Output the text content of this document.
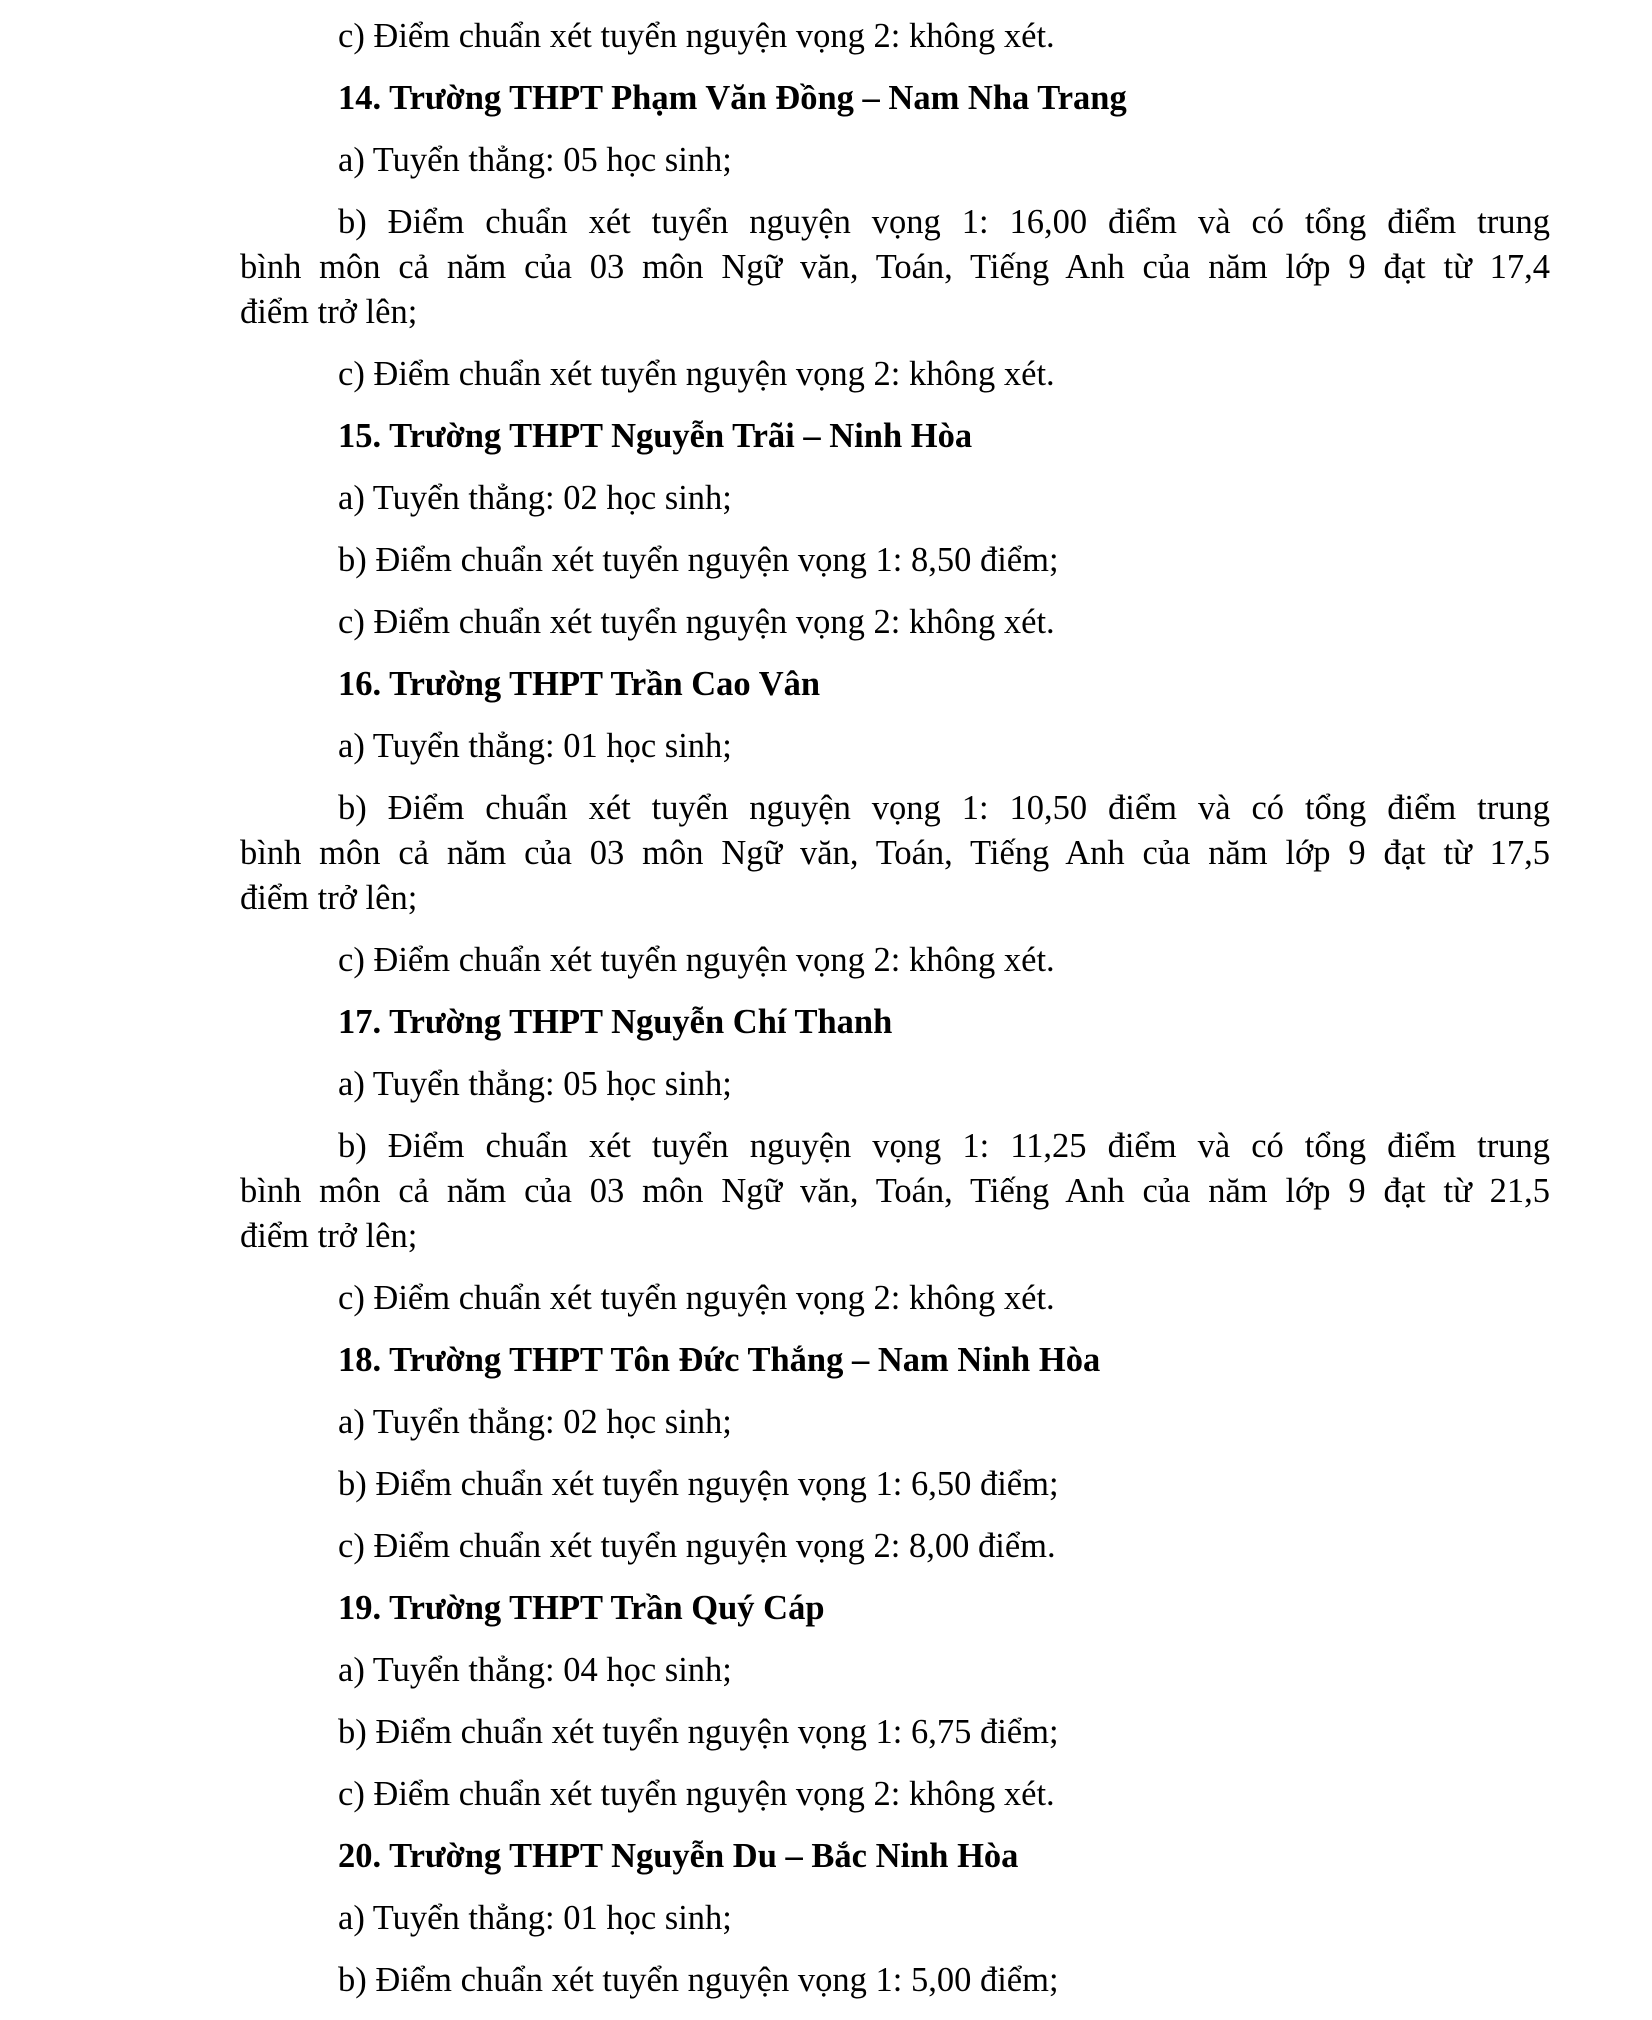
c) Điểm chuẩn xét tuyển nguyện vọng 2: không xét.

14. Trường THPT Phạm Văn Đồng – Nam Nha Trang

a) Tuyển thẳng: 05 học sinh;

b) Điểm chuẩn xét tuyển nguyện vọng 1: 16,00 điểm và có tổng điểm trung

bình môn cả năm của 03 môn Ngữ văn, Toán, Tiếng Anh của năm lớp 9 đạt từ 17,4

điểm trở lên;

c) Điểm chuẩn xét tuyển nguyện vọng 2: không xét.

15. Trường THPT Nguyễn Trãi – Ninh Hòa

a) Tuyển thẳng: 02 học sinh;

b) Điểm chuẩn xét tuyển nguyện vọng 1: 8,50 điểm;

c) Điểm chuẩn xét tuyển nguyện vọng 2: không xét.

16. Trường THPT Trần Cao Vân

a) Tuyển thẳng: 01 học sinh;

b) Điểm chuẩn xét tuyển nguyện vọng 1: 10,50 điểm và có tổng điểm trung

bình môn cả năm của 03 môn Ngữ văn, Toán, Tiếng Anh của năm lớp 9 đạt từ 17,5

điểm trở lên;

c) Điểm chuẩn xét tuyển nguyện vọng 2: không xét.

17. Trường THPT Nguyễn Chí Thanh

a) Tuyển thẳng: 05 học sinh;

b) Điểm chuẩn xét tuyển nguyện vọng 1: 11,25 điểm và có tổng điểm trung

bình môn cả năm của 03 môn Ngữ văn, Toán, Tiếng Anh của năm lớp 9 đạt từ 21,5

điểm trở lên;

c) Điểm chuẩn xét tuyển nguyện vọng 2: không xét.

18. Trường THPT Tôn Đức Thắng – Nam Ninh Hòa

a) Tuyển thẳng: 02 học sinh;

b) Điểm chuẩn xét tuyển nguyện vọng 1: 6,50 điểm;

c) Điểm chuẩn xét tuyển nguyện vọng 2: 8,00 điểm.

19. Trường THPT Trần Quý Cáp

a) Tuyển thẳng: 04 học sinh;

b) Điểm chuẩn xét tuyển nguyện vọng 1: 6,75 điểm;

c) Điểm chuẩn xét tuyển nguyện vọng 2: không xét.

20. Trường THPT Nguyễn Du – Bắc Ninh Hòa

a) Tuyển thẳng: 01 học sinh;

b) Điểm chuẩn xét tuyển nguyện vọng 1: 5,00 điểm;
